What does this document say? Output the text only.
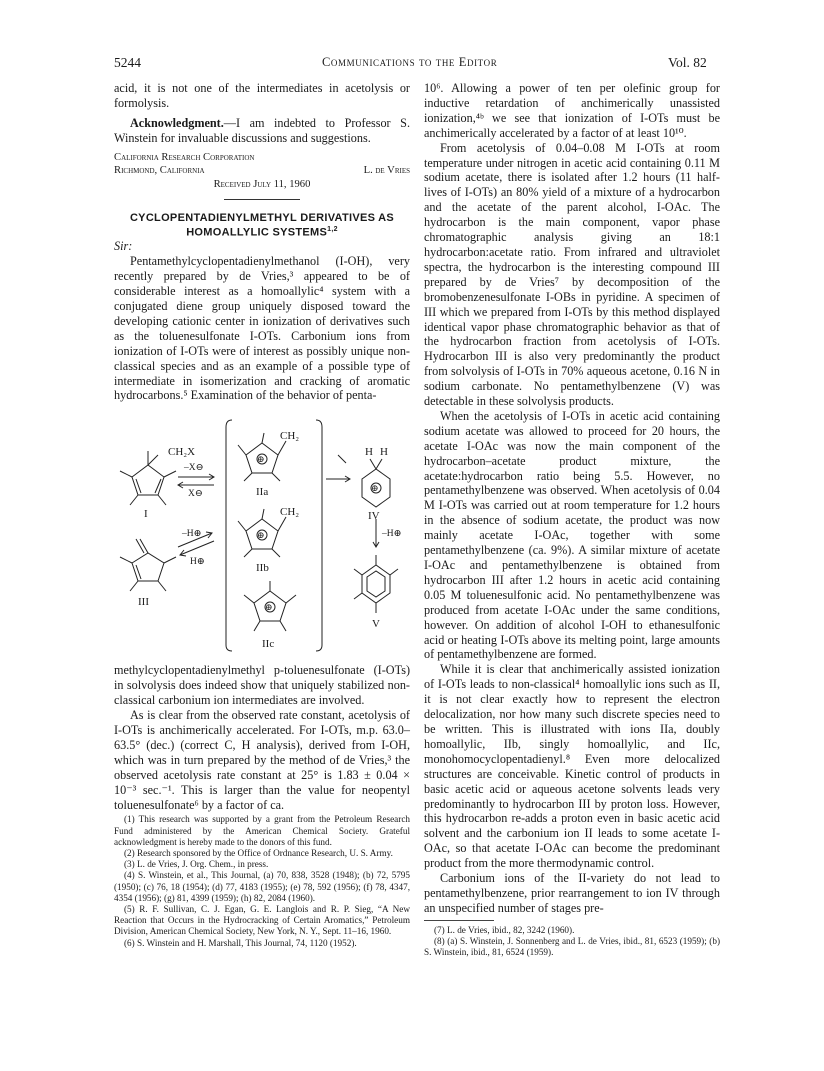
5244	Communications to the Editor	Vol. 82

acid, it is not one of the intermediates in acetolysis or formolysis.

Acknowledgment.—I am indebted to Professor S. Winstein for invaluable discussions and suggestions.

California Research Corporation
Richmond, California	L. de Vries
Received July 11, 1960
CYCLOPENTADIENYLMETHYL DERIVATIVES AS HOMOALLYLIC SYSTEMS$^{1,2}$

Sir:

Pentamethylcyclopentadienylmethanol (I-OH), very recently prepared by de Vries,³ appeared to be of considerable interest as a homoallylic⁴ system with a conjugated diene group uniquely disposed toward the developing cationic center in ionization of derivatives such as the toluenesulfonate I-OTs. Carbonium ions from ionization of I-OTs were of interest as possibly unique non-classical species and as an example of a possible type of intermediate in isomerization and cracking of aromatic hydrocarbons.⁵ Examination of the behavior of penta-

CH₂X
I
–X⊖
X⊖	IIa
CH₂
IIb
CH₂
IIc
H H
IV
–H⊕
V
–H⊕
H⊕
III
⊕
⊕
⊕
⊕

methylcyclopentadienylmethyl p-toluenesulfonate (I-OTs) in solvolysis does indeed show that uniquely stabilized non-classical carbonium ion intermediates are involved.

As is clear from the observed rate constant, acetolysis of I-OTs is anchimerically accelerated. For I-OTs, m.p. 63.0–63.5° (dec.) (correct C, H analysis), derived from I-OH, which was in turn prepared by the method of de Vries,³ the observed acetolysis rate constant at 25° is 1.83 ± 0.04 × 10⁻³ sec.⁻¹. This is larger than the value for neopentyl toluenesulfonate⁶ by a factor of ca.

(1) This research was supported by a grant from the Petroleum Research Fund administered by the American Chemical Society. Grateful acknowledgment is hereby made to the donors of this fund.

(2) Research sponsored by the Office of Ordnance Research, U. S. Army.

(3) L. de Vries, J. Org. Chem., in press.

(4) S. Winstein, et al., This Journal, (a) 70, 838, 3528 (1948); (b) 72, 5795 (1950); (c) 76, 18 (1954); (d) 77, 4183 (1955); (e) 78, 592 (1956); (f) 78, 4347, 4354 (1956); (g) 81, 4399 (1959); (h) 82, 2084 (1960).

(5) R. F. Sullivan, C. J. Egan, G. E. Langlois and R. P. Sieg, “A New Reaction that Occurs in the Hydrocracking of Certain Aromatics,” Petroleum Division, American Chemical Society, New York, N. Y., Sept. 11–16, 1960.

(6) S. Winstein and H. Marshall, This Journal, 74, 1120 (1952).

10⁶. Allowing a power of ten per olefinic group for inductive retardation of anchimerically unassisted ionization,⁴ᵇ we see that ionization of I-OTs must be anchimerically accelerated by a factor of at least 10¹⁰.

From acetolysis of 0.04–0.08 M I-OTs at room temperature under nitrogen in acetic acid containing 0.11 M sodium acetate, there is isolated after 1.2 hours (11 half-lives of I-OTs) an 80% yield of a mixture of a hydrocarbon and the acetate of the parent alcohol, I-OAc. The hydrocarbon is the main component, vapor phase chromatographic analysis giving an 18:1 hydrocarbon:acetate ratio. From infrared and ultraviolet spectra, the hydrocarbon is the interesting compound III prepared by de Vries⁷ by decomposition of the bromobenzenesulfonate I-OBs in pyridine. A specimen of III which we prepared from I-OTs by this method displayed identical vapor phase chromatographic behavior as that of the hydrocarbon fraction from acetolysis of I-OTs. Hydrocarbon III is also very predominantly the product from solvolysis of I-OTs in 70% aqueous acetone, 0.16 N in sodium carbonate. No pentamethylbenzene (V) was detectable in these solvolysis products.

When the acetolysis of I-OTs in acetic acid containing sodium acetate was allowed to proceed for 20 hours, the acetate I-OAc was now the main component of the hydrocarbon–acetate product mixture, the acetate:hydrocarbon ratio being 5.5. However, no pentamethylbenzene was observed. When acetolysis of 0.04 M I-OTs was carried out at room temperature for 1.2 hours in the absence of sodium acetate, the product was now mainly acetate I-OAc, together with some pentamethylbenzene (ca. 9%). A similar mixture of acetate I-OAc and pentamethylbenzene is obtained from hydrocarbon III after 1.2 hours in acetic acid containing 0.05 M toluenesulfonic acid. No pentamethylbenzene was produced from acetate I-OAc under the same conditions, however. On addition of alcohol I-OH to ethanesulfonic acid or heating I-OTs above its melting point, large amounts of pentamethylbenzene are formed.

While it is clear that anchimerically assisted ionization of I-OTs leads to non-classical⁴ homoallylic ions such as II, it is not clear exactly how to represent the electron delocalization, nor how many such discrete species need to be written. This is illustrated with ions IIa, doubly homoallylic, IIb, singly homoallylic, and IIc, monohomocyclopentadienyl.⁸ Even more delocalized structures are conceivable. Kinetic control of products in basic acetic acid or aqueous acetone solvents leads very predominantly to hydrocarbon III by proton loss. However, this hydrocarbon re-adds a proton even in basic acetic acid solvent and the carbonium ion II leads to some acetate I-OAc, so that acetate I-OAc can become the predominant product from the more thermodynamic control.

Carbonium ions of the II-variety do not lead to pentamethylbenzene, prior rearrangement to ion IV through an unspecified number of stages pre-

(7) L. de Vries, ibid., 82, 3242 (1960).

(8) (a) S. Winstein, J. Sonnenberg and L. de Vries, ibid., 81, 6523 (1959); (b) S. Winstein, ibid., 81, 6524 (1959).
